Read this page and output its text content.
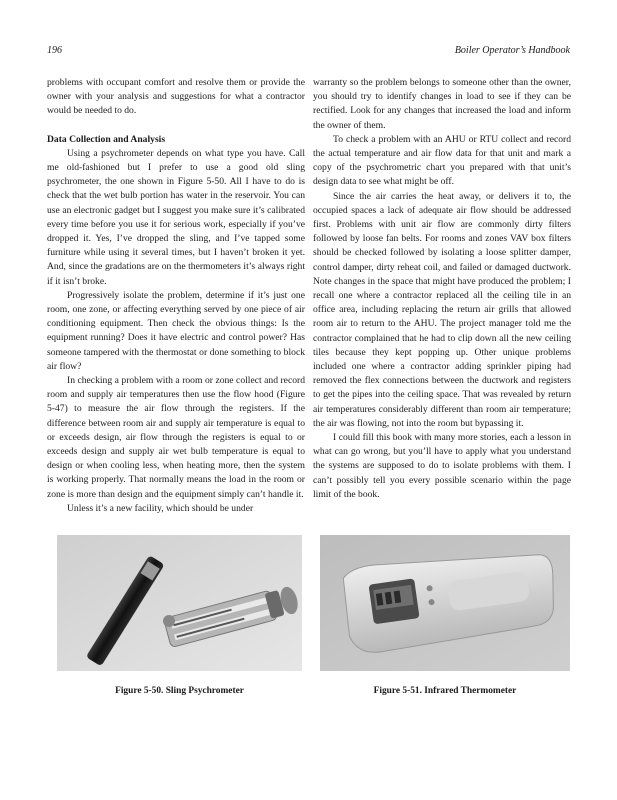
196	Boiler Operator’s Handbook

problems with occupant comfort and resolve them or provide the owner with your analysis and suggestions for what a contractor would be needed to do.

Data Collection and Analysis

Using a psychrometer depends on what type you have. Call me old-fashioned but I prefer to use a good old sling psychrometer, the one shown in Figure 5-50. All I have to do is check that the wet bulb portion has water in the reservoir. You can use an electronic gadget but I suggest you make sure it’s calibrated every time before you use it for serious work, especially if you’ve dropped it. Yes, I’ve dropped the sling, and I’ve tapped some furniture while using it several times, but I haven’t broken it yet. And, since the gradations are on the thermometers it’s always right if it isn’t broke.

Progressively isolate the problem, determine if it’s just one room, one zone, or affecting everything served by one piece of air conditioning equipment. Then check the obvious things: Is the equipment running? Does it have electric and control power? Has someone tampered with the thermostat or done something to block air flow?

In checking a problem with a room or zone collect and record room and supply air temperatures then use the flow hood (Figure 5-47) to measure the air flow through the registers. If the difference between room air and supply air temperature is equal to or exceeds design, air flow through the registers is equal to or exceeds design and supply air wet bulb temperature is equal to design or when cooling less, when heating more, then the system is working properly. That normally means the load in the room or zone is more than design and the equipment simply can’t handle it.

Unless it’s a new facility, which should be under

warranty so the problem belongs to someone other than the owner, you should try to identify changes in load to see if they can be rectified. Look for any changes that increased the load and inform the owner of them.

To check a problem with an AHU or RTU collect and record the actual temperature and air flow data for that unit and mark a copy of the psychrometric chart you prepared with that unit’s design data to see what might be off.

Since the air carries the heat away, or delivers it to, the occupied spaces a lack of adequate air flow should be addressed first. Problems with unit air flow are commonly dirty filters followed by loose fan belts. For rooms and zones VAV box filters should be checked followed by isolating a loose splitter damper, control damper, dirty reheat coil, and failed or damaged ductwork. Note changes in the space that might have produced the problem; I recall one where a contractor replaced all the ceiling tile in an office area, including replacing the return air grills that allowed room air to return to the AHU. The project manager told me the contractor complained that he had to clip down all the new ceiling tiles because they kept popping up. Other unique problems included one where a contractor adding sprinkler piping had removed the flex connections between the ductwork and registers to get the pipes into the ceiling space. That was revealed by return air temperatures considerably different than room air temperature; the air was flowing, not into the room but bypassing it.

I could fill this book with many more stories, each a lesson in what can go wrong, but you’ll have to apply what you understand the systems are supposed to do to isolate problems with them. I can’t possibly tell you every possible scenario within the page limit of the book.

Figure 5-50. Sling Psychrometer	Figure 5-51. Infrared Thermometer
